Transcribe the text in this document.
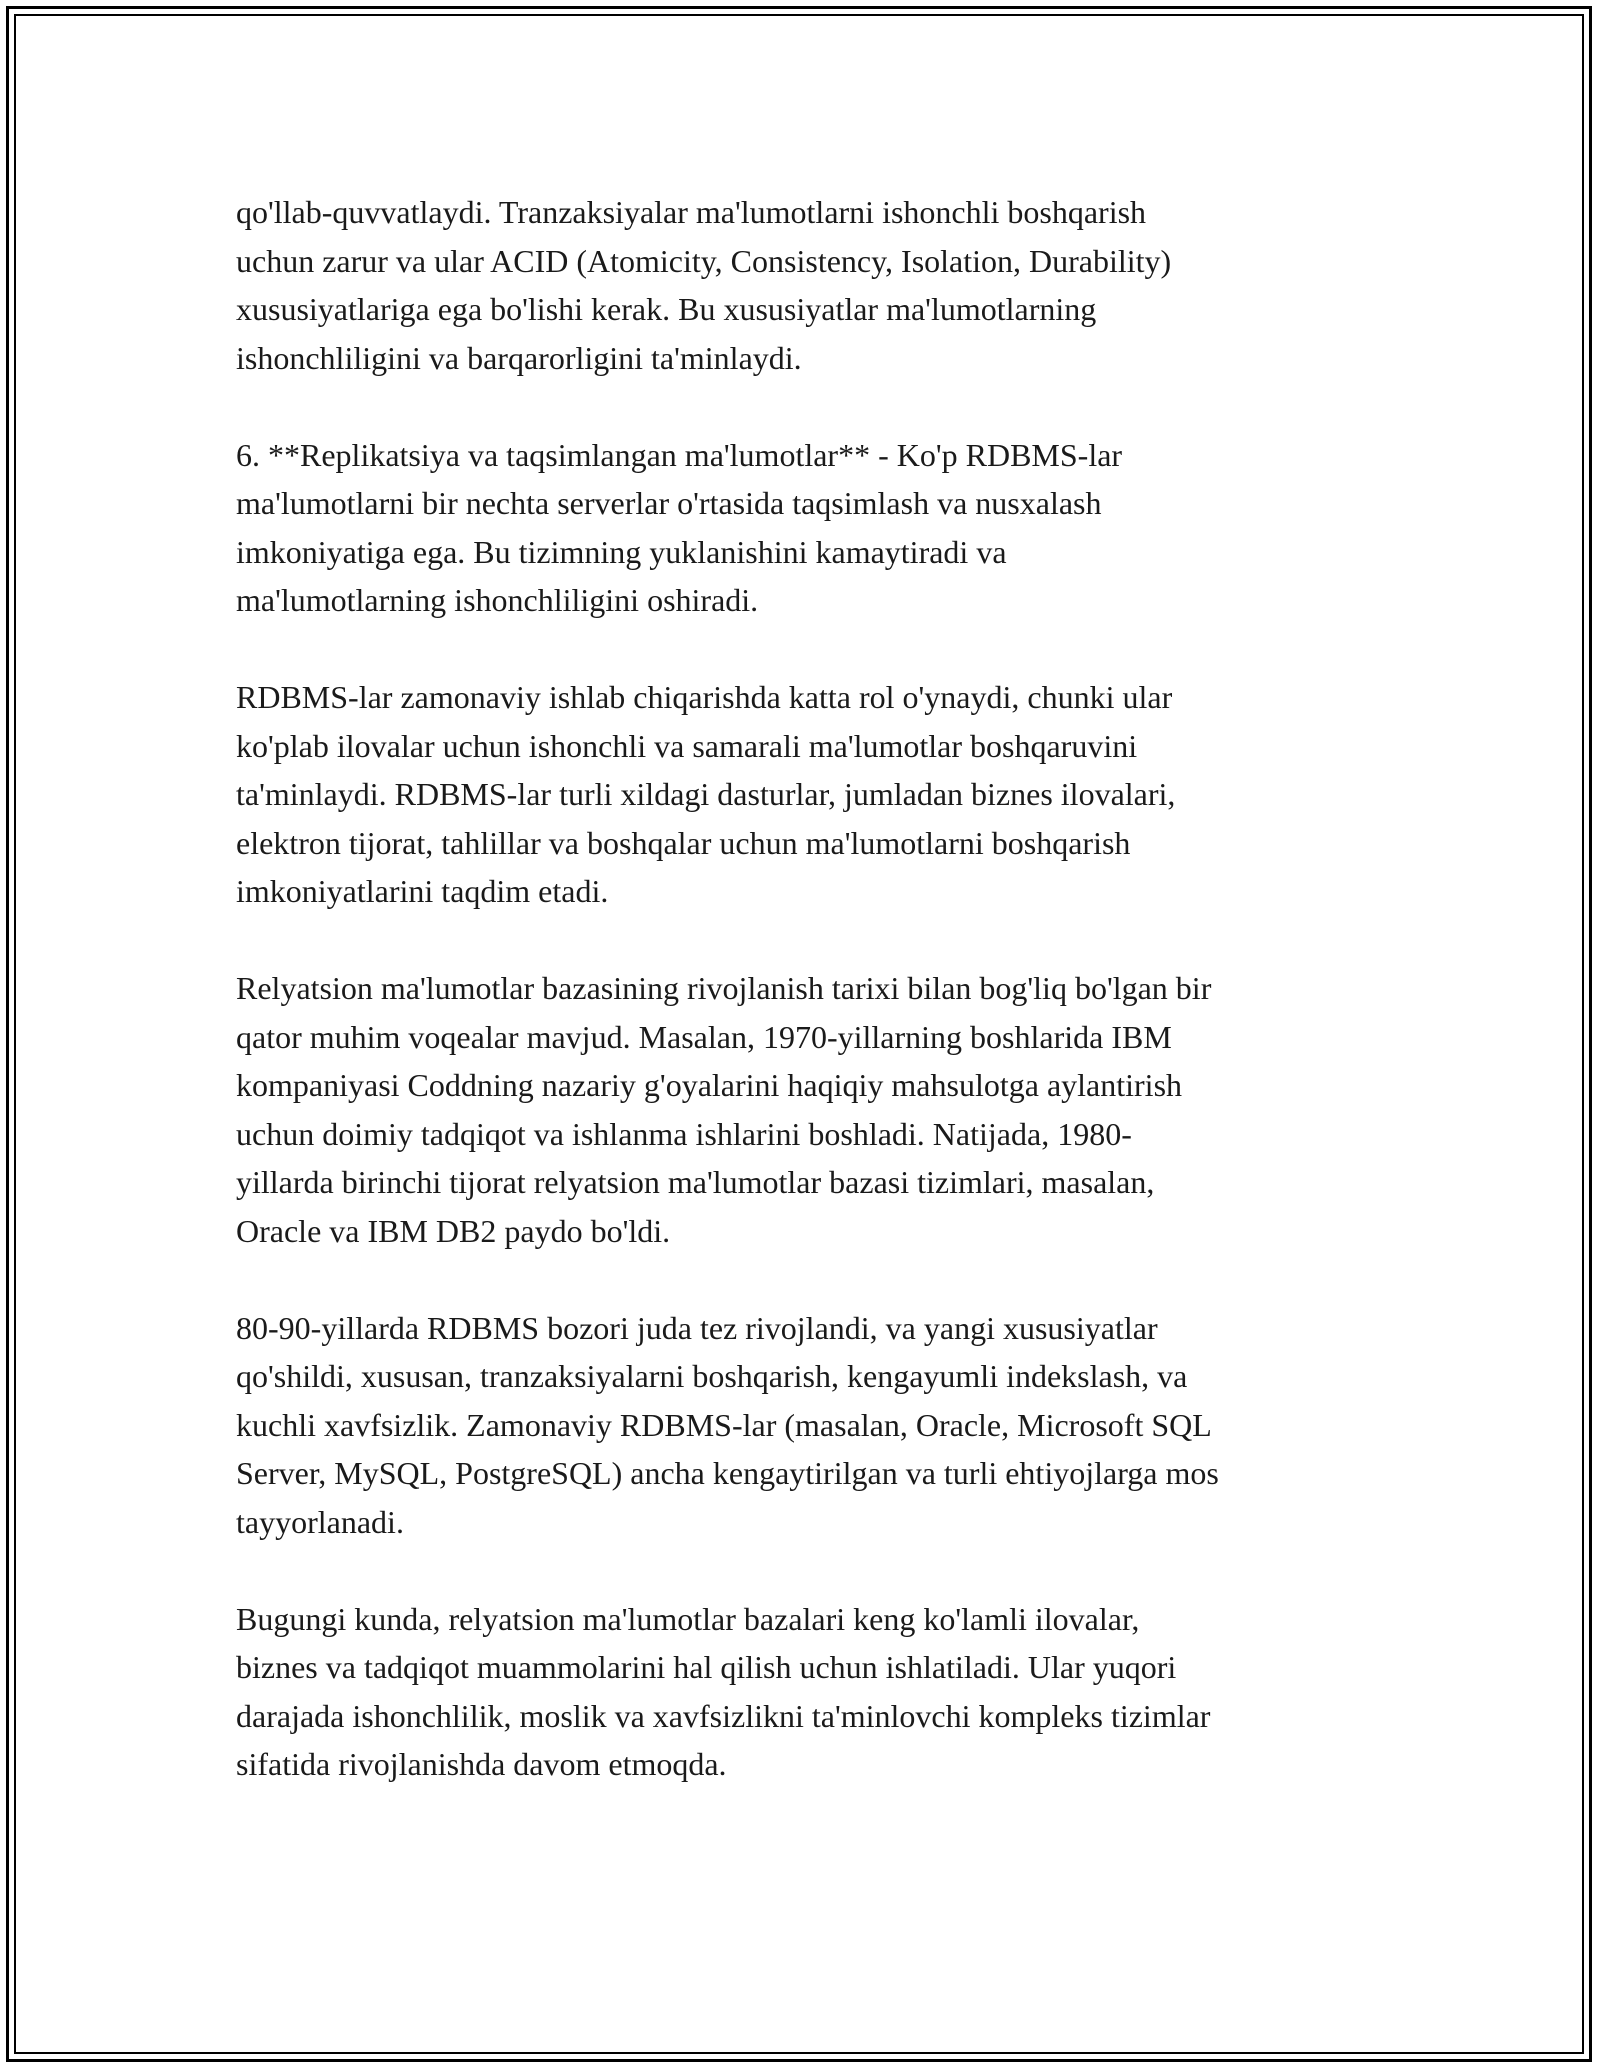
qo'llab-quvvatlaydi. Tranzaksiyalar ma'lumotlarni ishonchli boshqarish
uchun zarur va ular ACID (Atomicity, Consistency, Isolation, Durability)
xususiyatlariga ega bo'lishi kerak. Bu xususiyatlar ma'lumotlarning
ishonchliligini va barqarorligini ta'minlaydi.

6. **Replikatsiya va taqsimlangan ma'lumotlar** - Ko'p RDBMS-lar
ma'lumotlarni bir nechta serverlar o'rtasida taqsimlash va nusxalash
imkoniyatiga ega. Bu tizimning yuklanishini kamaytiradi va
ma'lumotlarning ishonchliligini oshiradi.

RDBMS-lar zamonaviy ishlab chiqarishda katta rol o'ynaydi, chunki ular
ko'plab ilovalar uchun ishonchli va samarali ma'lumotlar boshqaruvini
ta'minlaydi. RDBMS-lar turli xildagi dasturlar, jumladan biznes ilovalari,
elektron tijorat, tahlillar va boshqalar uchun ma'lumotlarni boshqarish
imkoniyatlarini taqdim etadi.

Relyatsion ma'lumotlar bazasining rivojlanish tarixi bilan bog'liq bo'lgan bir
qator muhim voqealar mavjud. Masalan, 1970-yillarning boshlarida IBM
kompaniyasi Coddning nazariy g'oyalarini haqiqiy mahsulotga aylantirish
uchun doimiy tadqiqot va ishlanma ishlarini boshladi. Natijada, 1980-
yillarda birinchi tijorat relyatsion ma'lumotlar bazasi tizimlari, masalan,
Oracle va IBM DB2 paydo bo'ldi.

80-90-yillarda RDBMS bozori juda tez rivojlandi, va yangi xususiyatlar
qo'shildi, xususan, tranzaksiyalarni boshqarish, kengayumli indekslash, va
kuchli xavfsizlik. Zamonaviy RDBMS-lar (masalan, Oracle, Microsoft SQL
Server, MySQL, PostgreSQL) ancha kengaytirilgan va turli ehtiyojlarga mos
tayyorlanadi.

Bugungi kunda, relyatsion ma'lumotlar bazalari keng ko'lamli ilovalar,
biznes va tadqiqot muammolarini hal qilish uchun ishlatiladi. Ular yuqori
darajada ishonchlilik, moslik va xavfsizlikni ta'minlovchi kompleks tizimlar
sifatida rivojlanishda davom etmoqda.
